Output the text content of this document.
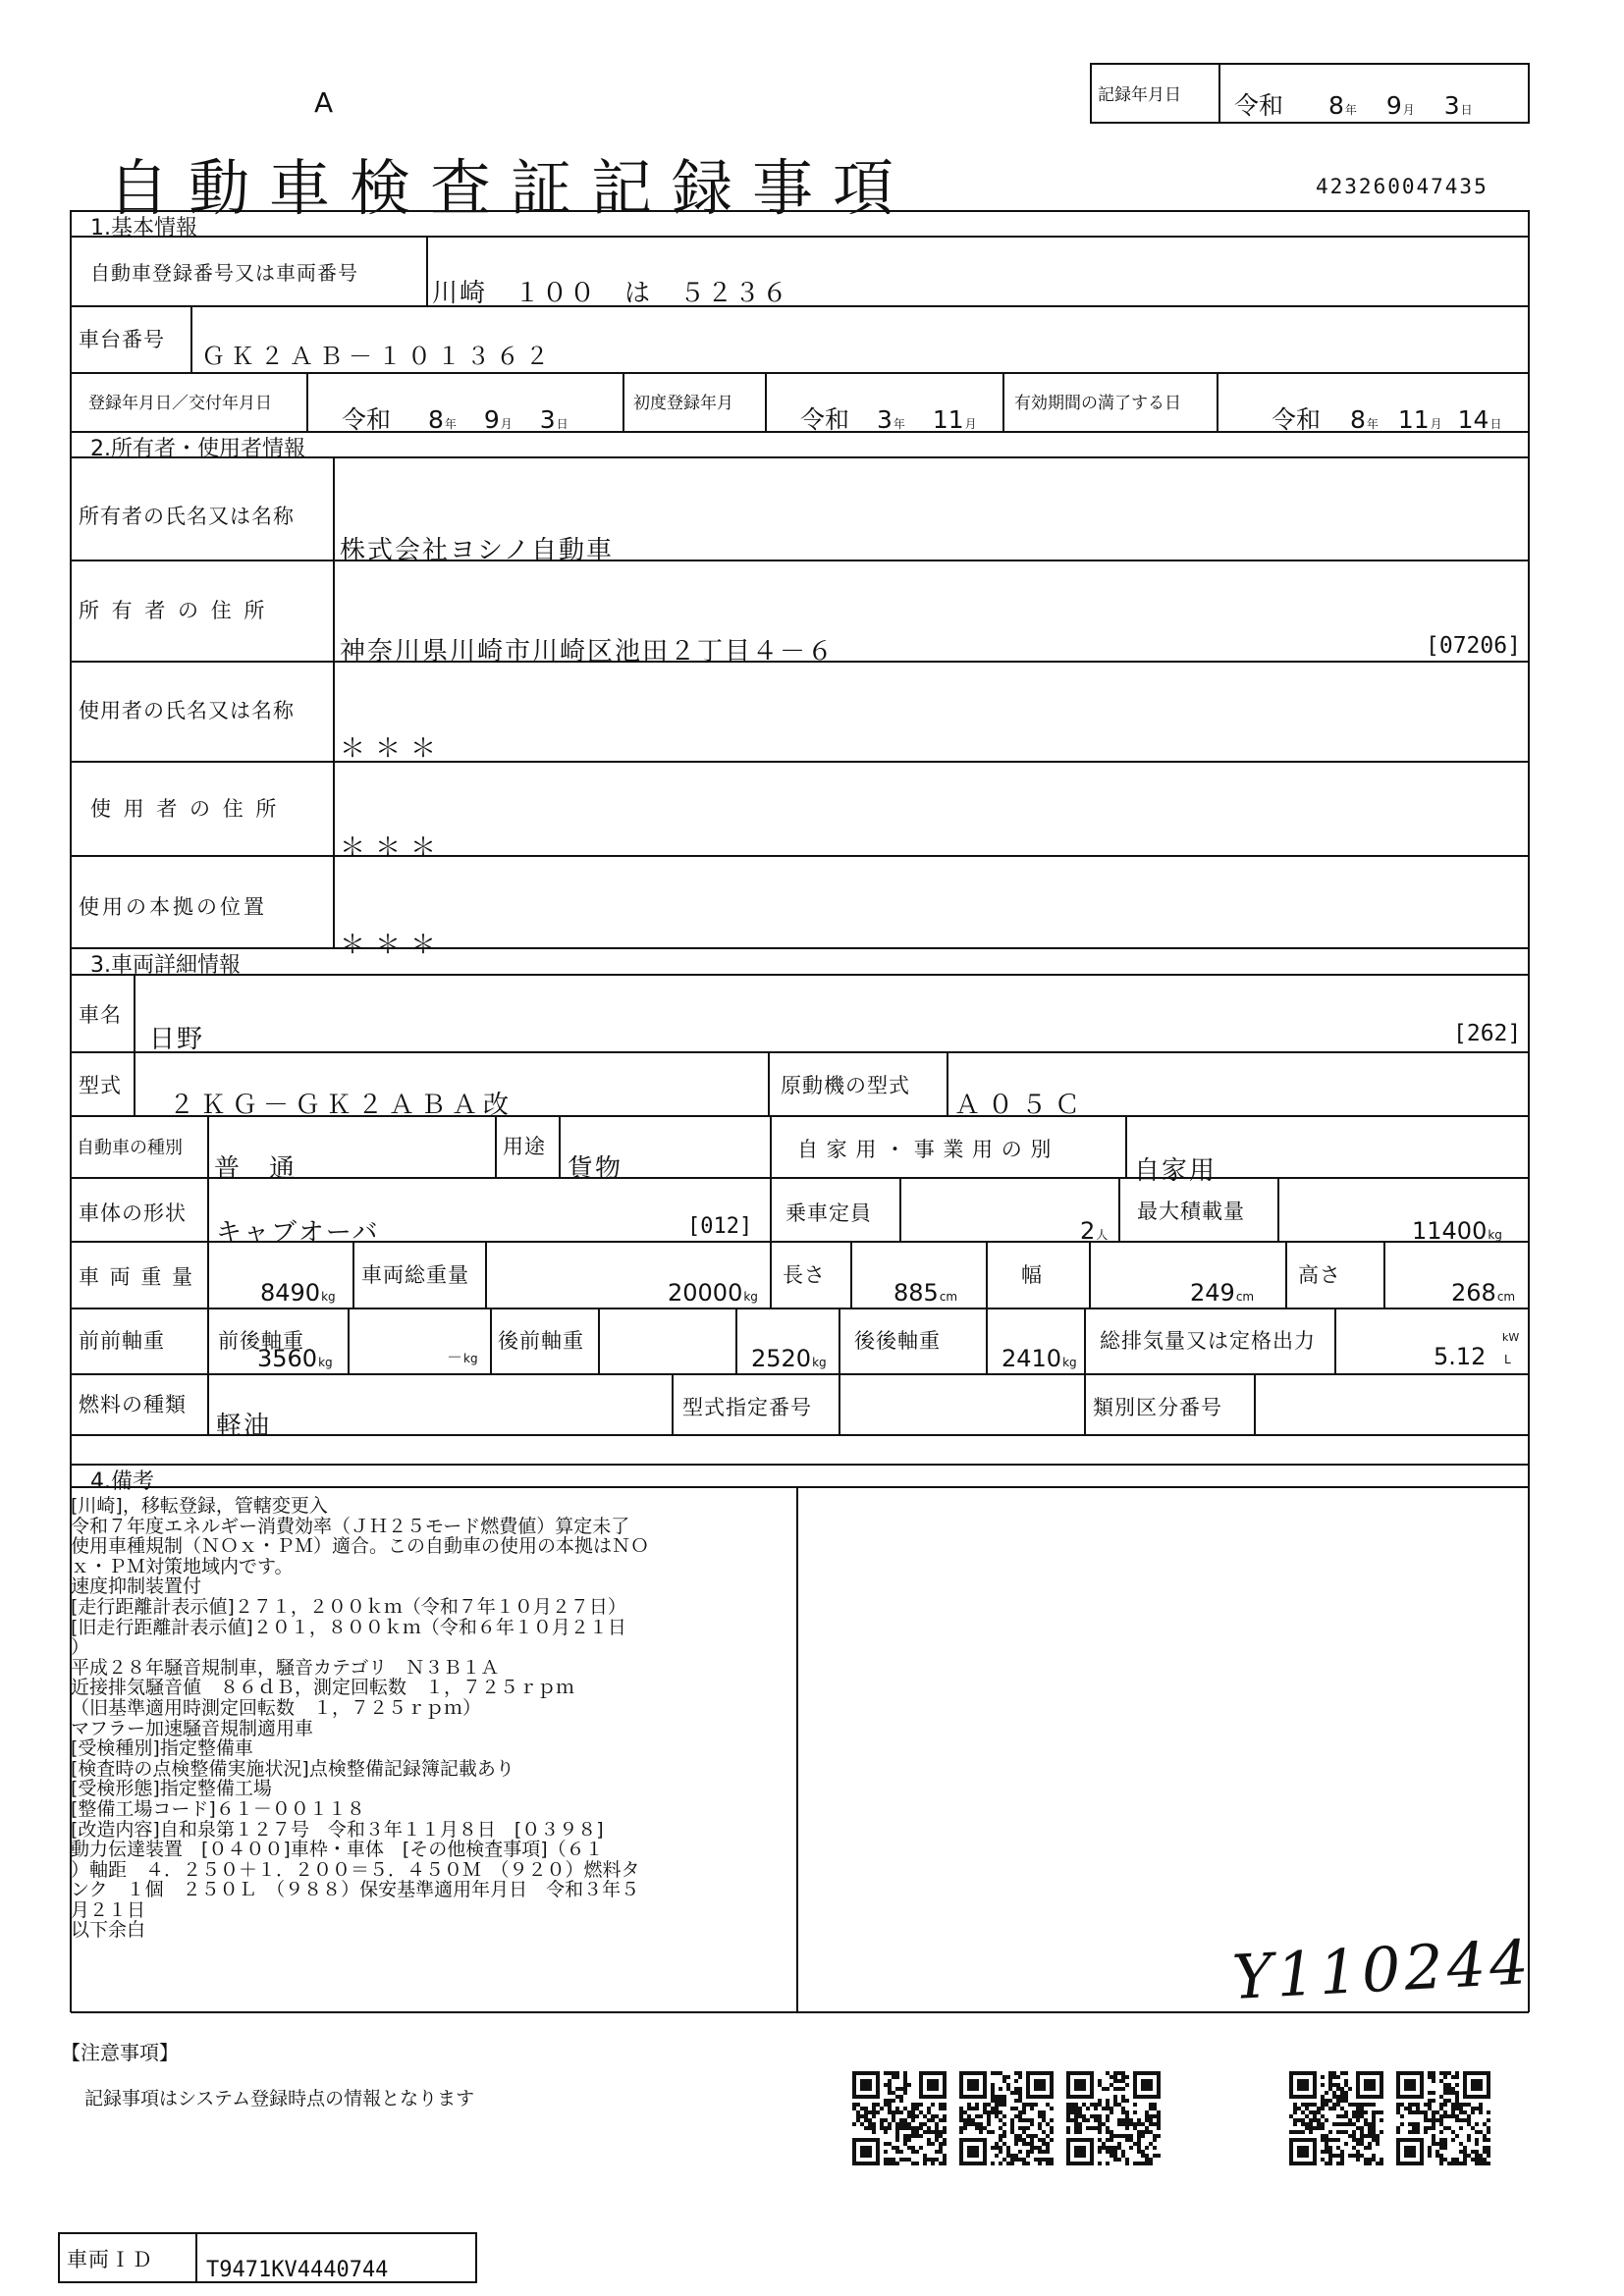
A
自動車検査証記録事項
記録年月日 令和 8年 9月 3日
423260047435
1.基本情報
自動車登録番号又は車両番号
川崎　１００　は　５２３６
車台番号
ＧＫ２ＡＢ－１０１３６２
登録年月日／交付年月日
令和 8年 9月 3日
初度登録年月
令和 3年 11月
有効期間の満了する日
令和 8年 11月 14日
2.所有者・使用者情報
所有者の氏名又は名称
株式会社ヨシノ自動車
所 有 者 の 住 所
神奈川県川崎市川崎区池田２丁目４－６	[07206]
使用者の氏名又は名称
＊＊＊
使 用 者 の 住 所
＊＊＊
使用の本拠の位置
＊＊＊
3.車両詳細情報
車名
日野	[262]
型式
２ＫＧ－ＧＫ２ＡＢＡ改
原動機の型式
Ａ０５Ｃ
自動車の種別
普　通
用途
貨物
自 家 用 ・ 事 業 用 の 別
自家用
車体の形状
キャブオーバ	[012]
乗車定員
2人
最大積載量
11400kg
車 両 重 量
8490kg
車両総重量
20000kg
長さ
885cm
幅
249cm
高さ
268cm
前前軸重
3560kg
前後軸重
－kg
後前軸重
2520kg
後後軸重
2410kg
総排気量又は定格出力
5.12
kW
L
燃料の種類
軽油
型式指定番号	類別区分番号
4.備考
[川崎]，移転登録，管轄変更入
令和７年度エネルギー消費効率（ＪＨ２５モード燃費値）算定未了
使用車種規制（ＮＯｘ・ＰＭ）適合。この自動車の使用の本拠はＮＯ
ｘ・ＰＭ対策地域内です。
速度抑制装置付
[走行距離計表示値]２７１，２００ｋｍ（令和７年１０月２７日）
[旧走行距離計表示値]２０１，８００ｋｍ（令和６年１０月２１日
）
平成２８年騒音規制車，騒音カテゴリ　Ｎ３Ｂ１Ａ
近接排気騒音値　８６ｄＢ，測定回転数　１，７２５ｒｐｍ
（旧基準適用時測定回転数　１，７２５ｒｐｍ）
マフラー加速騒音規制適用車
[受検種別]指定整備車
[検査時の点検整備実施状況]点検整備記録簿記載あり
[受検形態]指定整備工場
[整備工場コード]６１－００１１８
[改造内容]自和泉第１２７号　令和３年１１月８日　[０３９８]
動力伝達装置　[０４００]車枠・車体　[その他検査事項]（６１
）軸距　４．２５０＋１．２００＝５．４５０Ｍ　（９２０）燃料タ
ンク　１個　２５０Ｌ　（９８８）保安基準適用年月日　令和３年５
月２１日
以下余白	Y110244
【注意事項】
記録事項はシステム登録時点の情報となります
車両ＩＤ T9471KV4440744
